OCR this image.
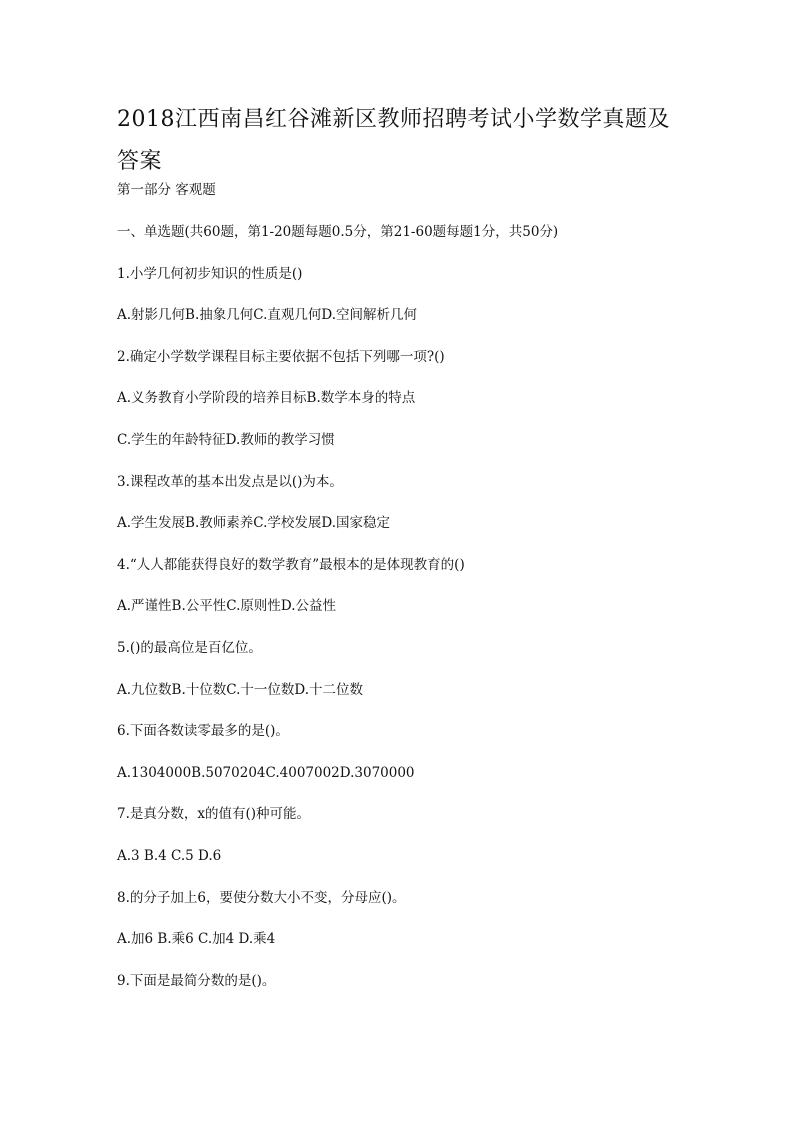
2018江西南昌红谷滩新区教师招聘考试小学数学真题及答案

第一部分 客观题

一、单选题(共60题，第1-20题每题0.5分，第21-60题每题1分，共50分)

1.小学几何初步知识的性质是()

A.射影几何B.抽象几何C.直观几何D.空间解析几何

2.确定小学数学课程目标主要依据不包括下列哪一项?()

A.义务教育小学阶段的培养目标B.数学本身的特点

C.学生的年龄特征D.教师的教学习惯

3.课程改革的基本出发点是以()为本。

A.学生发展B.教师素养C.学校发展D.国家稳定

4.“人人都能获得良好的数学教育”最根本的是体现教育的()

A.严谨性B.公平性C.原则性D.公益性

5.()的最高位是百亿位。

A.九位数B.十位数C.十一位数D.十二位数

6.下面各数读零最多的是()。

A.1304000B.5070204C.4007002D.3070000

7.是真分数，x的值有()种可能。

A.3 B.4 C.5 D.6

8.的分子加上6，要使分数大小不变，分母应()。

A.加6 B.乘6 C.加4 D.乘4

9.下面是最简分数的是()。
